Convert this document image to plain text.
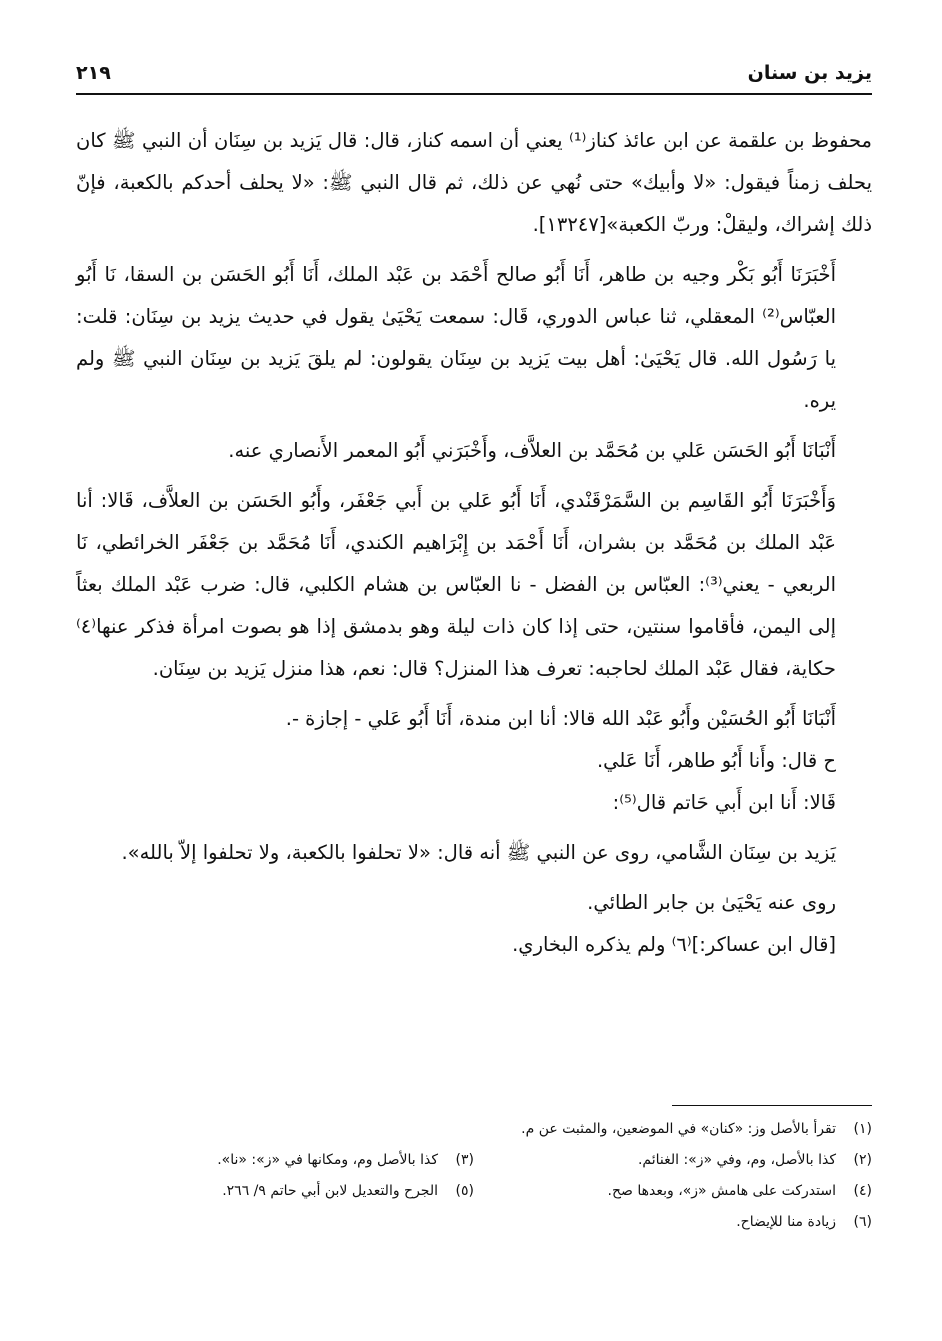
يزيد بن سنان
٢١٩

محفوظ بن علقمة عن ابن عائذ كناز⁽¹⁾ يعني أن اسمه كناز، قال: قال يَزيد بن سِنَان أن النبي ﷺ كان يحلف زمناً فيقول: «لا وأبيك» حتى نُهي عن ذلك، ثم قال النبي ﷺ: «لا يحلف أحدكم بالكعبة، فإنّ ذلك إشراك، وليقلْ: وربّ الكعبة»[١٣٢٤٧].

أَخْبَرَنَا أَبُو بَكْر وجيه بن طاهر، أَنَا أَبُو صالح أَحْمَد بن عَبْد الملك، أَنَا أَبُو الحَسَن بن السقا، نَا أَبُو العبّاس⁽²⁾ المعقلي، ثنا عباس الدوري، قَال: سمعت يَحْيَىٰ يقول في حديث يزيد بن سِنَان: قلت: يا رَسُول الله. قال يَحْيَىٰ: أهل بيت يَزيد بن سِنَان يقولون: لم يلقَ يَزيد بن سِنَان النبي ﷺ ولم يره.

أَنْبَانَا أَبُو الحَسَن عَلي بن مُحَمَّد بن العلاَّف، وأَخْبَرَني أَبُو المعمر الأَنصاري عنه.

وَأَخْبَرَنَا أَبُو القَاسِم بن السَّمَرْقَنْدي، أَنَا أَبُو عَلي بن أَبي جَعْفَر، وأَبُو الحَسَن بن العلاَّف، قَالا: أنا عَبْد الملك بن مُحَمَّد بن بشران، أَنَا أَحْمَد بن إِبْرَاهيم الكندي، أَنَا مُحَمَّد بن جَعْفَر الخرائطي، نَا الربعي - يعني⁽³⁾: العبّاس بن الفضل - نا العبّاس بن هشام الكلبي، قال: ضرب عَبْد الملك بعثاً إلى اليمن، فأقاموا سنتين، حتى إذا كان ذات ليلة وهو بدمشق إذا هو بصوت امرأة فذكر عنها⁽٤⁾ حكاية، فقال عَبْد الملك لحاجبه: تعرف هذا المنزل؟ قال: نعم، هذا منزل يَزيد بن سِنَان.

أَنْبَانَا أَبُو الحُسَيْن وأَبُو عَبْد الله قالا: أنا ابن مندة، أَنَا أَبُو عَلي - إجازة -.

ح قال: وأَنا أَبُو طاهر، أَنَا عَلي.

قَالا: أَنا ابن أَبي حَاتم قال⁽⁵⁾:

يَزيد بن سِنَان الشَّامي، روى عن النبي ﷺ أنه قال: «لا تحلفوا بالكعبة، ولا تحلفوا إلاّ بالله».

روى عنه يَحْيَىٰ بن جابر الطائي.

[قال ابن عساكر:]⁽٦⁾ ولم يذكره البخاري.

(١)
تقرأ بالأصل وز: «كنان» في الموضعين، والمثبت عن م.
(٢)
كذا بالأصل، وم، وفي «ز»: الغنائم.
(٣)
كذا بالأصل وم، ومكانها في «ز»: «نا».
(٤)
استدركت على هامش «ز»، وبعدها صح.
(٥)
الجرح والتعديل لابن أبي حاتم ٩/ ٢٦٦.
(٦)
زيادة منا للإيضاح.
